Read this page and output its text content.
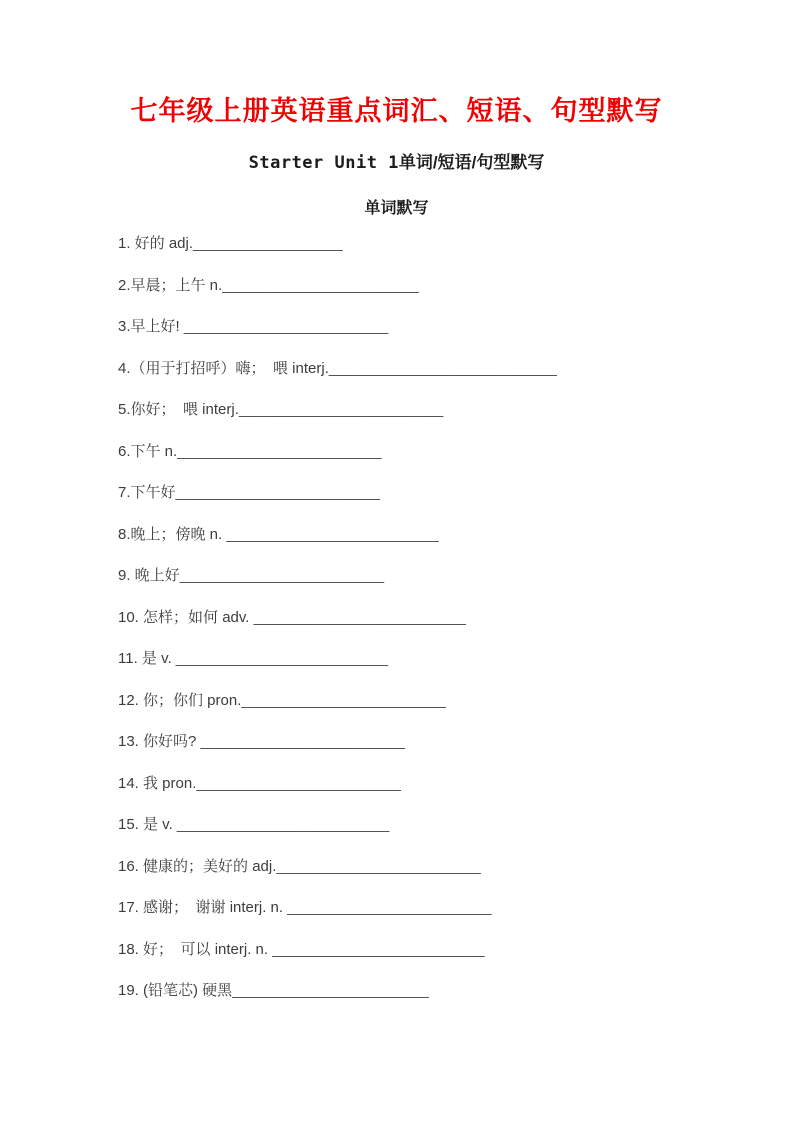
七年级上册英语重点词汇、短语、句型默写
Starter Unit 1单词/短语/句型默写
单词默写
1. 好的 adj.___________________
2.早晨；上午 n._________________________
3.早上好! __________________________
4.（用于打招呼）嗨；　喂 interj._____________________________
5.你好；　喂 interj.__________________________
6.下午 n.__________________________
7.下午好__________________________
8.晚上；傍晚 n. ___________________________
9. 晚上好__________________________
10. 怎样；如何 adv. ___________________________
11. 是 v. ___________________________
12. 你；你们 pron.__________________________
13. 你好吗? __________________________
14. 我 pron.__________________________
15. 是 v. ___________________________
16. 健康的；美好的 adj.__________________________
17. 感谢；　谢谢 interj. n. __________________________
18. 好；　可以 interj. n. ___________________________
19. (铅笔芯) 硬黑_________________________
